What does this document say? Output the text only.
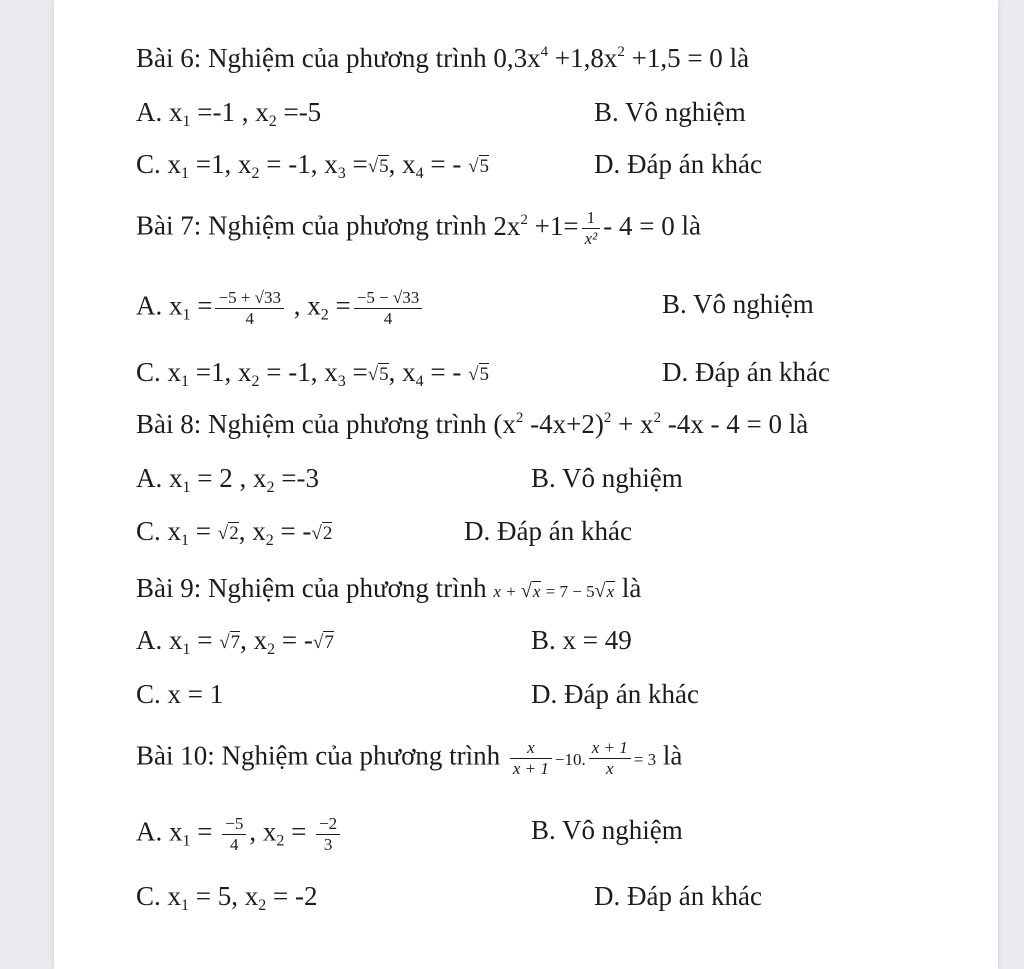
Bài 6: Nghiệm của phương trình $0,3x^4 +1,8x^2 +1,5 = 0$ là
A. $x_1 =-1$ , $x_2 =-5$	B. Vô nghiệm
C. $x_1 =1$, $x_2 = -1$, $x_3 =√5$, $x_4$ = - √5	D. Đáp án khác
Bài 7: Nghiệm của phương trình $2x^2 +1= \frac{1}{\text{x²}} - 4 = 0$ là
A. $x_1 = \frac{-5 + √33}{4}$ , $x_2 = \frac{-5 - √33}{4}$	B. Vô nghiệm
C. $x_1 =1$, $x_2 = -1$, $x_3 =√5$, $x_4$ = - √5	D. Đáp án khác
Bài 8: Nghiệm của phương trình ($x^2$ $-4x+2)^2 + x^2$ -4x - 4 = 0 là
A. $x_1 = 2$ , $x_2 =-3$	B. Vô nghiệm
C. $x_1 = √2$, $x_2 = -√2$	D. Đáp án khác
Bài 9: Nghiệm của phương trình x + √x = 7 − 5√x là
A. $x_1 = √7$, $x_2 = -√7$	B. x = 49
C. x = 1	D. Đáp án khác
Bài 10: Nghiệm của phương trình $\frac{x}{x + 1} -10$. $\frac{x + 1}{x} = 3$ là
A. $x_1 = \frac{-5}{4}$ , $x_2 = \frac{-2}{3}$	B. Vô nghiệm
C. $x_1 = 5$, $x_2 = -2$	D. Đáp án khác
